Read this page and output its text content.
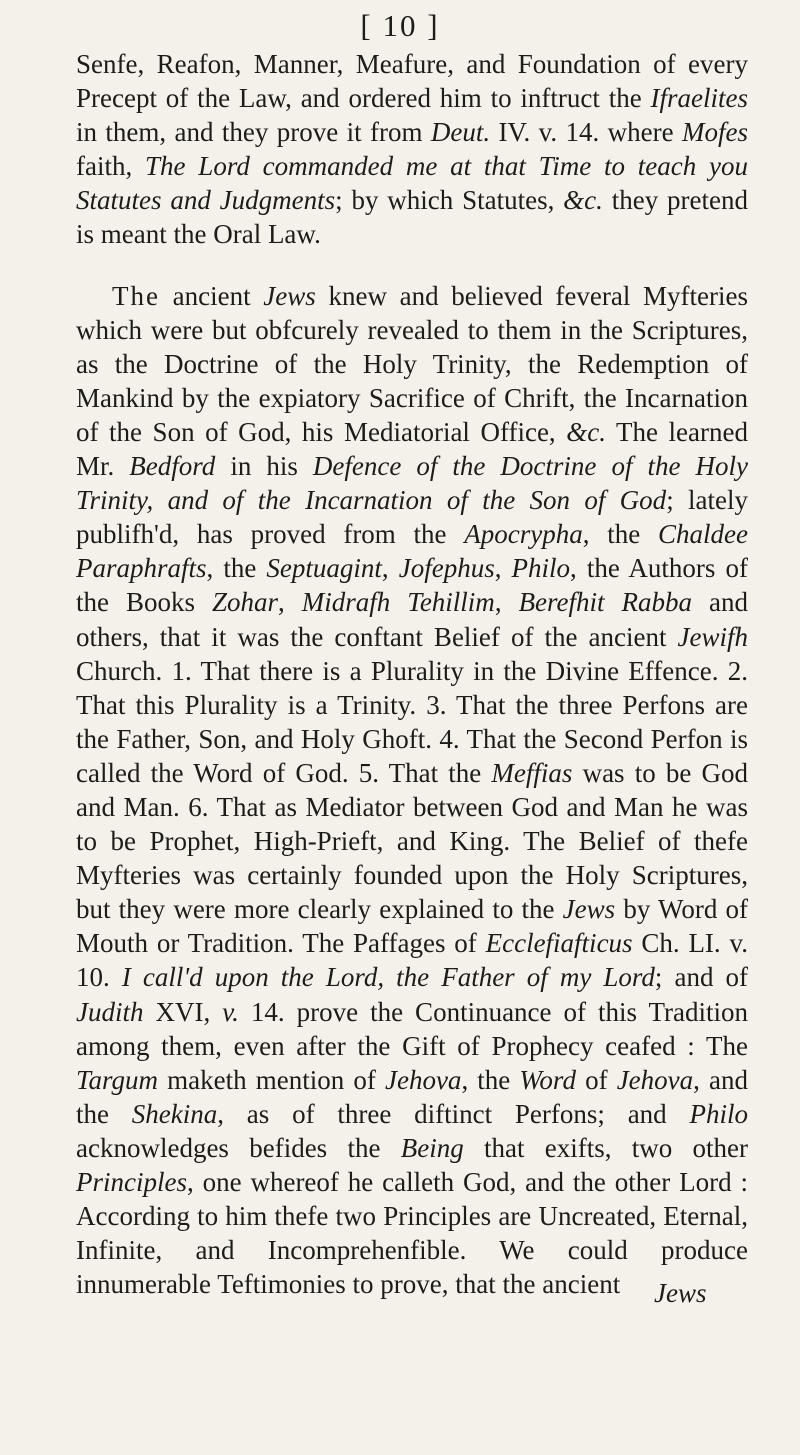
[ 10 ]

Senfe, Reafon, Manner, Meafure, and Foundation of every Precept of the Law, and ordered him to inftruct the Ifraelites in them, and they prove it from Deut. IV. v. 14. where Mofes faith, The Lord commanded me at that Time to teach you Statutes and Judgments; by which Statutes, &c. they pretend is meant the Oral Law.

The ancient Jews knew and believed feveral Myfteries which were but obfcurely revealed to them in the Scriptures, as the Doctrine of the Holy Trinity, the Redemption of Mankind by the expiatory Sacrifice of Chrift, the Incarnation of the Son of God, his Mediatorial Office, &c. The learned Mr. Bedford in his Defence of the Doctrine of the Holy Trinity, and of the Incarnation of the Son of God; lately publifh'd, has proved from the Apocrypha, the Chaldee Paraphrafts, the Septuagint, Jofephus, Philo, the Authors of the Books Zohar, Midrafh Tehillim, Berefhit Rabba and others, that it was the conftant Belief of the ancient Jewifh Church. 1. That there is a Plurality in the Divine Effence. 2. That this Plurality is a Trinity. 3. That the three Perfons are the Father, Son, and Holy Ghoft. 4. That the Second Perfon is called the Word of God. 5. That the Meffias was to be God and Man. 6. That as Mediator between God and Man he was to be Prophet, High-Prieft, and King. The Belief of thefe Myfteries was certainly founded upon the Holy Scriptures, but they were more clearly explained to the Jews by Word of Mouth or Tradition. The Paffages of Ecclefiafticus Ch. LI. v. 10. I call'd upon the Lord, the Father of my Lord; and of Judith XVI, v. 14. prove the Continuance of this Tradition among them, even after the Gift of Prophecy ceafed : The Targum maketh mention of Jehova, the Word of Jehova, and the Shekina, as of three diftinct Perfons; and Philo acknowledges befides the Being that exifts, two other Principles, one whereof he calleth God, and the other Lord : According to him thefe two Principles are Uncreated, Eternal, Infinite, and Incomprehenfible. We could produce innumerable Teftimonies to prove, that the ancient	Jews
